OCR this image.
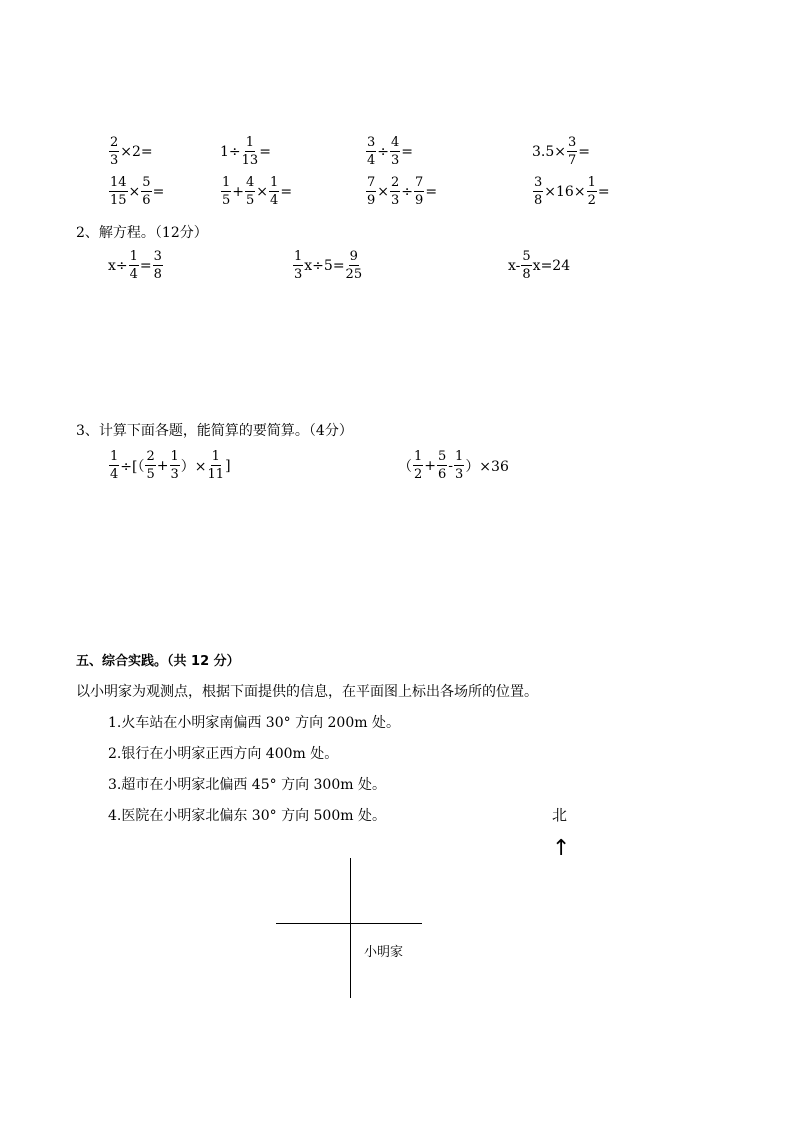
$\frac{2}{3} \times 2=$	$1\div \frac{1}{13}$ =	$\frac{3}{4} \div \frac{4}{3}$ =	$3.5\times \frac{3}{7}$ =
$\frac{14}{15} \times \frac{5}{6}$ =	$\frac{1}{5} + \frac{4}{5} \times \frac{1}{4}$ =	$\frac{7}{9} \times \frac{2}{3} \div \frac{7}{9}$ =	$\frac{3}{8} \times 16\times \frac{1}{2}$ =
2、解方程。（12分）
$x\div \frac{1}{4} = \frac{3}{8}$	$\frac{1}{3} x\div 5= \frac{9}{25}$	$x- \frac{5}{8} x=24$
3、计算下面各题，能简算的要简算。（4分）
$\frac{1}{4}$ ÷[（ $\frac{2}{5} + \frac{1}{3}$ ）× $\frac{1}{11}$ ]	（ $\frac{1}{2} + \frac{5}{6} - \frac{1}{3} )\times 36$
五、综合实践。（共 12 分）
以小明家为观测点，根据下面提供的信息，在平面图上标出各场所的位置。
1.火车站在小明家南偏西 30° 方向 200m 处。
2.银行在小明家正西方向 400m 处。
3.超市在小明家北偏西 45° 方向 300m 处。
4.医院在小明家北偏东 30° 方向 500m 处。	北
↑
小明家
